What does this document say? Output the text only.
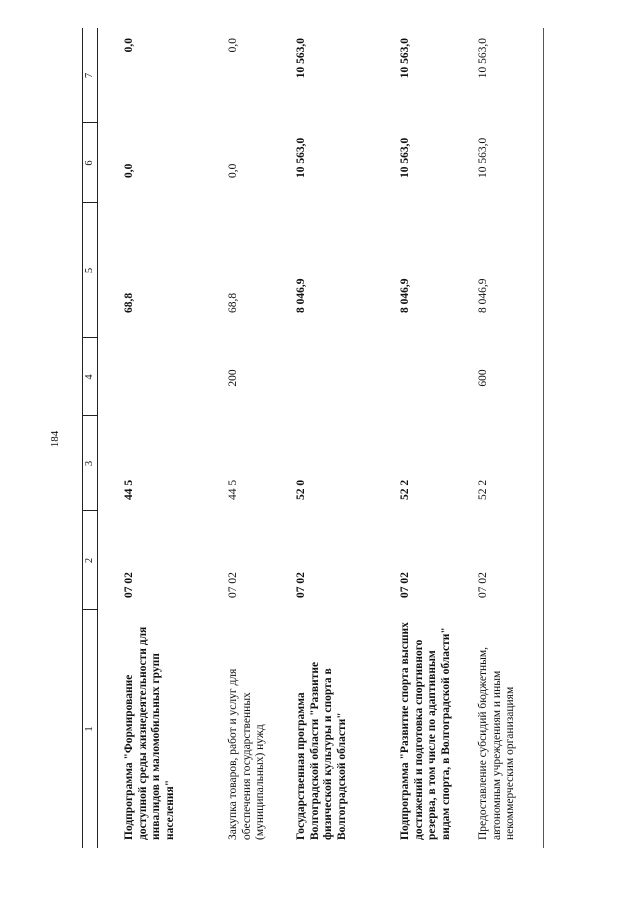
184
1
2
3
4
5
6
7
Подпрограмма "Формирование доступной среды жизнедеятельности для инвалидов и маломобильных групп населения"
07 02
44 5
68,8
0,0
0,0
Закупка товаров, работ и услуг для обеспечения государственных (муниципальных) нужд
07 02
44 5
200
68,8
0,0
0,0
Государственная программа Волгоградской области "Развитие физической культуры и спорта в Волгоградской области"
07 02
52 0
8 046,9
10 563,0
10 563,0
Подпрограмма "Развитие спорта высших достижений и подготовка спортивного резерва, в том числе по адаптивным видам спорта, в Волгоградской области"
07 02
52 2
8 046,9
10 563,0
10 563,0
Предоставление субсидий бюджетным, автономным учреждениям и иным некоммерческим организациям
07 02
52 2
600
8 046,9
10 563,0
10 563,0
